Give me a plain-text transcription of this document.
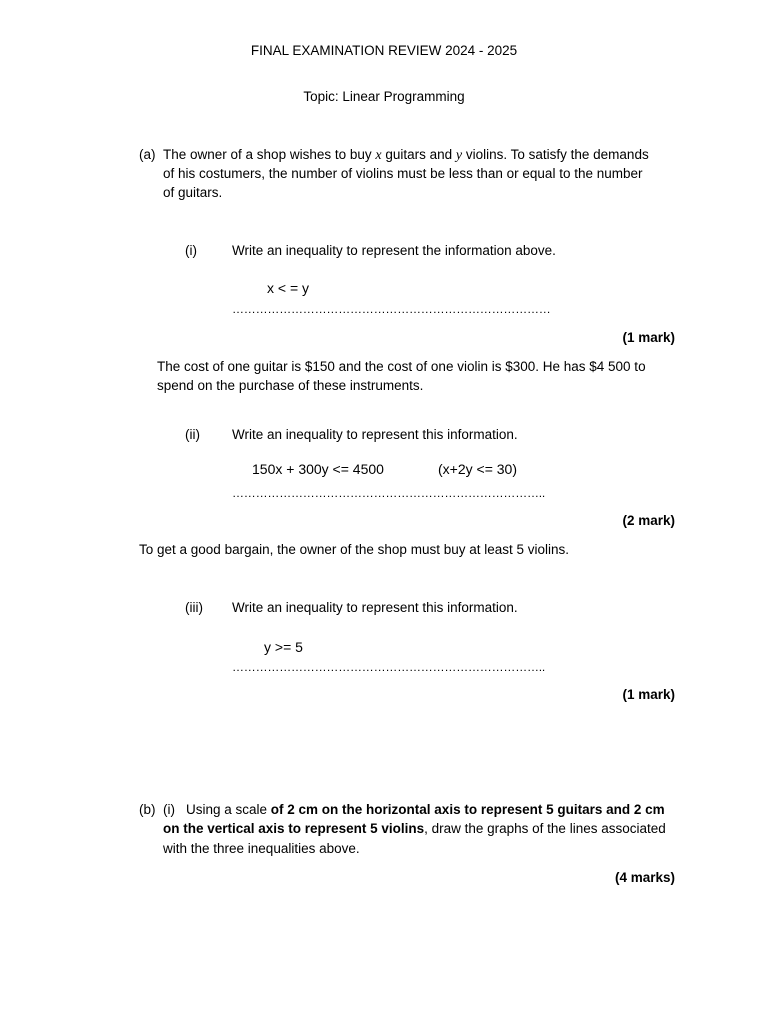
FINAL EXAMINATION REVIEW 2024 - 2025
Topic: Linear Programming
(a) The owner of a shop wishes to buy x guitars and y violins. To satisfy the demands
of his costumers, the number of violins must be less than or equal to the number
of guitars.
(i)	Write an inequality to represent the information above.
x < = y
………………………………………………………………………
(1 mark)
The cost of one guitar is $150 and the cost of one violin is $300. He has $4 500 to
spend on the purchase of these instruments.
(ii) Write an inequality to represent this information.
150x + 300y <= 4500	(x+2y <= 30)
……………………………………………………………………..
(2 mark)
To get a good bargain, the owner of the shop must buy at least 5 violins.
(iii) Write an inequality to represent this information.
y >= 5
……………………………………………………………………..
(1 mark)
(b) (i) Using a scale of 2 cm on the horizontal axis to represent 5 guitars and 2 cm
on the vertical axis to represent 5 violins, draw the graphs of the lines associated
with the three inequalities above.
(4 marks)
